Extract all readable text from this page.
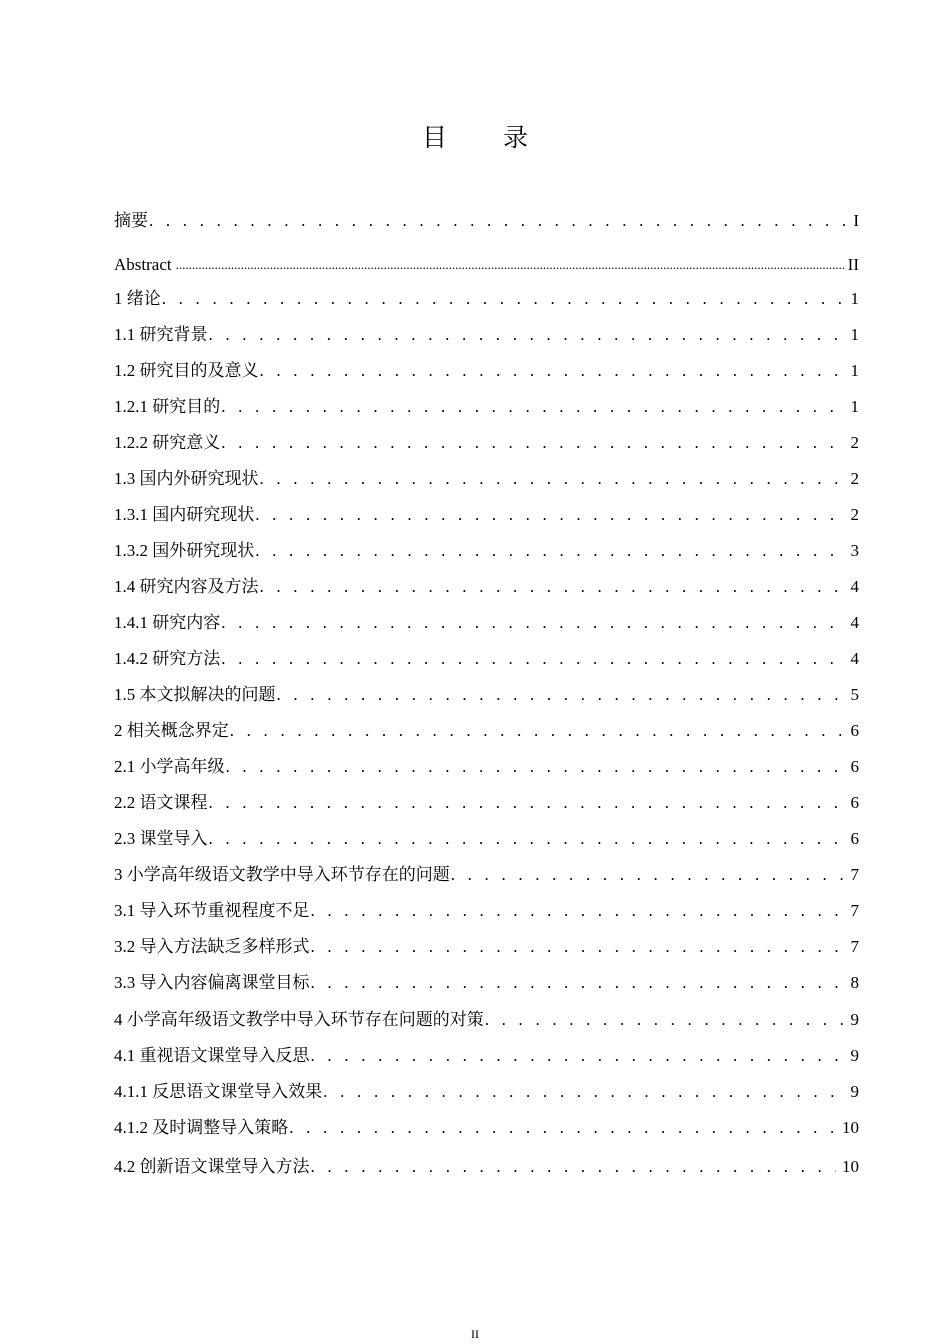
目 录
摘要 . . .	I
Abstract .....	II
1 绪论 . . .	1
1.1 研究背景 . . .	1
1.2 研究目的及意义 . . .	1
1.2.1 研究目的 . . .	1
1.2.2 研究意义 . . .	2
1.3 国内外研究现状 . . .	2
1.3.1 国内研究现状 . . .	2
1.3.2 国外研究现状 . . .	3
1.4 研究内容及方法 . . .	4
1.4.1 研究内容 . . .	4
1.4.2 研究方法 . . .	4
1.5 本文拟解决的问题 . . .	5
2 相关概念界定 . . .	6
2.1 小学高年级 . . .	6
2.2 语文课程 . . .	6
2.3 课堂导入 . . .	6
3 小学高年级语文教学中导入环节存在的问题 . . .	7
3.1 导入环节重视程度不足 . . .	7
3.2 导入方法缺乏多样形式 . . .	7
3.3 导入内容偏离课堂目标 . . .	8
4 小学高年级语文教学中导入环节存在问题的对策 . . .	9
4.1 重视语文课堂导入反思 . . .	9
4.1.1 反思语文课堂导入效果 . . .	9
4.1.2 及时调整导入策略 . . .	10
4.2 创新语文课堂导入方法 . . .	10
II
